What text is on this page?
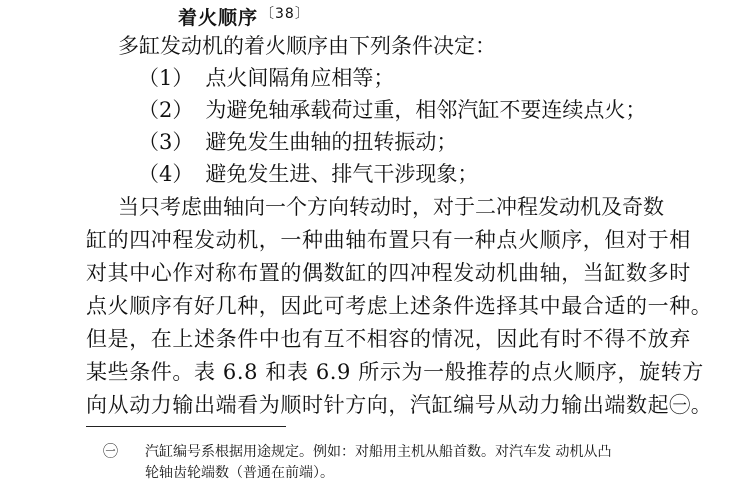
着火顺序 $^{〔38〕}$
多缸发动机的着火顺序由下列条件决定：
（1） 点火间隔角应相等；
（2） 为避免轴承载荷过重，相邻汽缸不要连续点火；
（3） 避免发生曲轴的扭转振动；
（4） 避免发生进、排气干涉现象；
当只考虑曲轴向一个方向转动时，对于二冲程发动机及奇数
缸的四冲程发动机，一种曲轴布置只有一种点火顺序，但对于相
对其中心作对称布置的偶数缸的四冲程发动机曲轴，当缸数多时
点火顺序有好几种，因此可考虑上述条件选择其中最合适的一种。
但是，在上述条件中也有互不相容的情况，因此有时不得不放弃
某些条件。表 6.8 和表 6.9 所示为一般推荐的点火顺序，旋转方
向从动力输出端看为顺时针方向，汽缸编号从动力输出端数起㊀。
㊀ 汽缸编号系根据用途规定。例如：对船用主机从船首数。对汽车发 动机从凸
轮轴齿轮端数（普通在前端）。
